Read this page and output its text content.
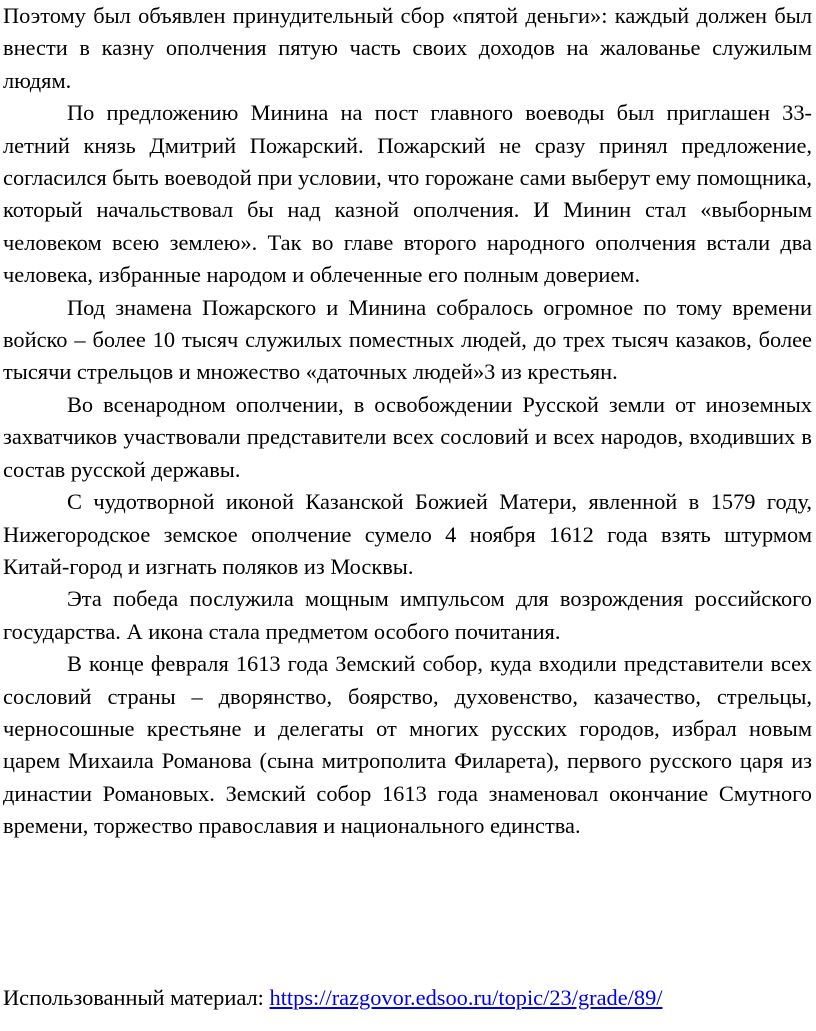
Поэтому был объявлен принудительный сбор «пятой деньги»: каждый должен был внести в казну ополчения пятую часть своих доходов на жалованье служилым людям.

По предложению Минина на пост главного воеводы был приглашен 33- летний князь Дмитрий Пожарский. Пожарский не сразу принял предложение, согласился быть воеводой при условии, что горожане сами выберут ему помощника, который начальствовал бы над казной ополчения. И Минин стал «выборным человеком всею землею». Так во главе второго народного ополчения встали два человека, избранные народом и облеченные его полным доверием.

Под знамена Пожарского и Минина собралось огромное по тому времени войско – более 10 тысяч служилых поместных людей, до трех тысяч казаков, более тысячи стрельцов и множество «даточных людей»3 из крестьян.

Во всенародном ополчении, в освобождении Русской земли от иноземных захватчиков участвовали представители всех сословий и всех народов, входивших в состав русской державы.

С чудотворной иконой Казанской Божией Матери, явленной в 1579 году, Нижегородское земское ополчение сумело 4 ноября 1612 года взять штурмом Китай-город и изгнать поляков из Москвы.

Эта победа послужила мощным импульсом для возрождения российского государства. А икона стала предметом особого почитания.

В конце февраля 1613 года Земский собор, куда входили представители всех сословий страны – дворянство, боярство, духовенство, казачество, стрельцы, черносошные крестьяне и делегаты от многих русских городов, избрал новым царем Михаила Романова (сына митрополита Филарета), первого русского царя из династии Романовых. Земский собор 1613 года знаменовал окончание Смутного времени, торжество православия и национального единства.

Использованный материал: https://razgovor.edsoo.ru/topic/23/grade/89/
